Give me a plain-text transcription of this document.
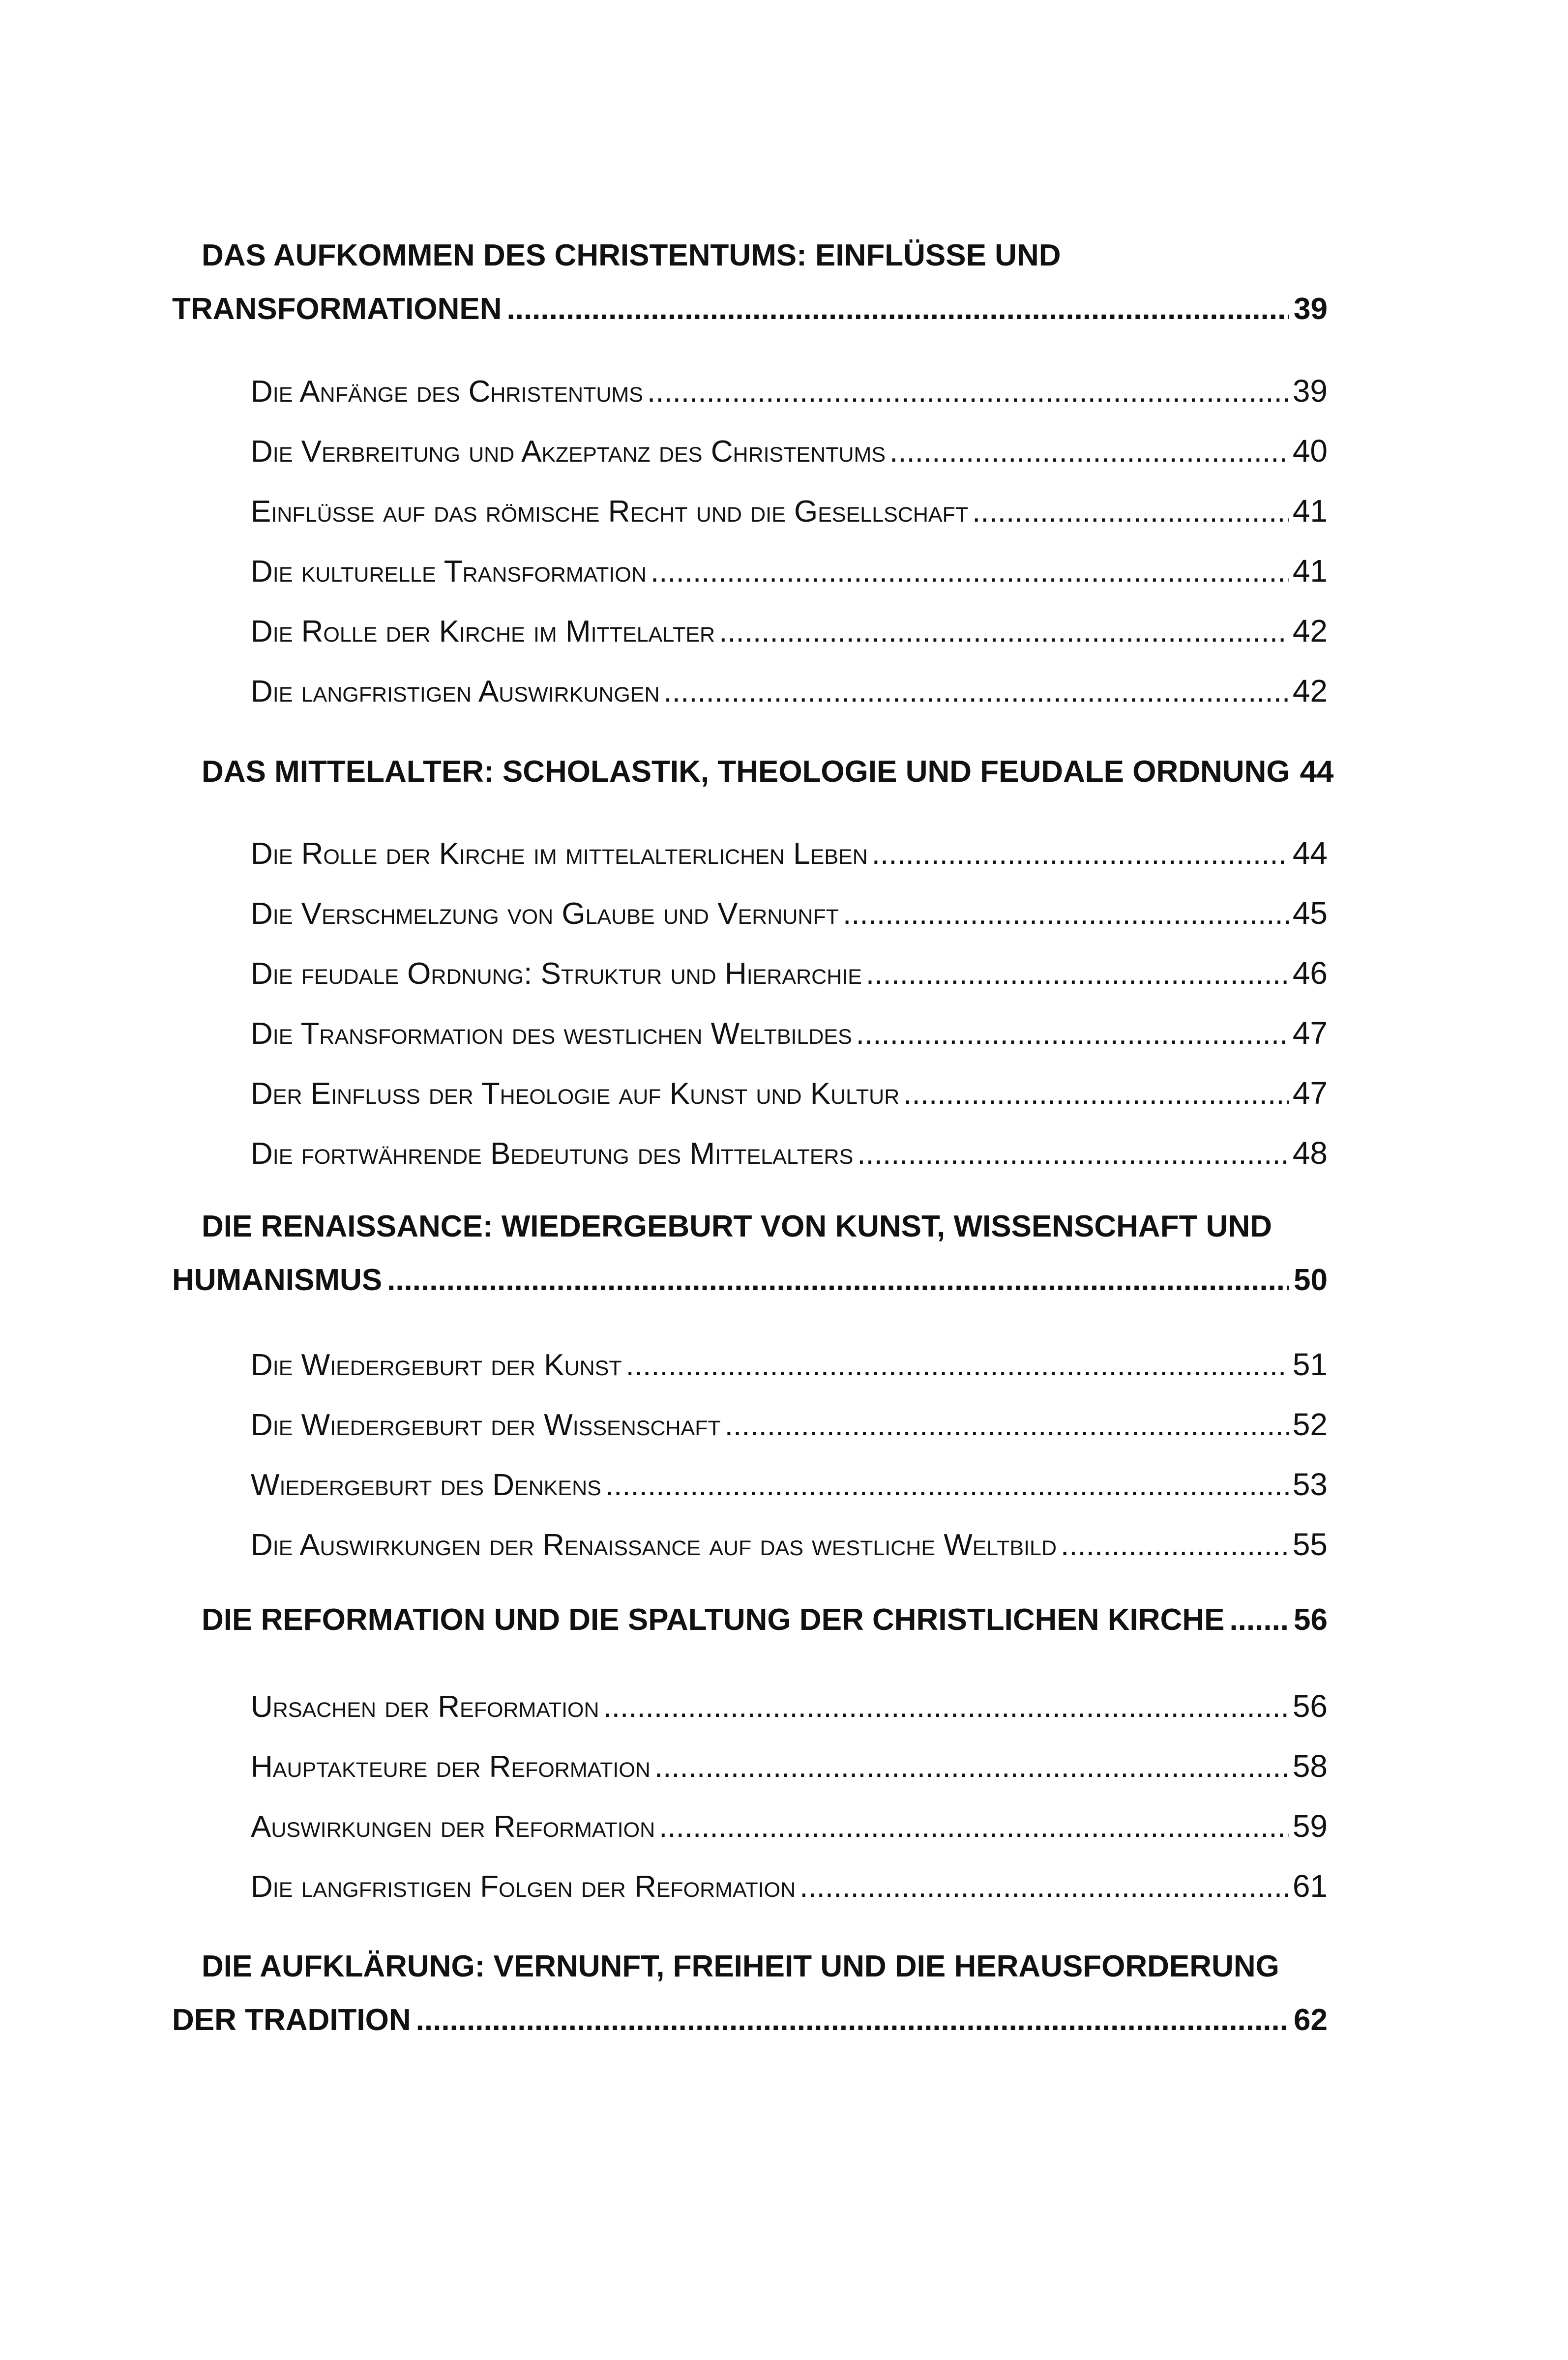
DAS AUFKOMMEN DES CHRISTENTUMS: EINFLÜSSE UND
TRANSFORMATIONEN .....	39
Die Anfänge des Christentums .....	39
Die Verbreitung und Akzeptanz des Christentums .....	40
Einflüsse auf das römische Recht und die Gesellschaft .....	41
Die kulturelle Transformation .....	41
Die Rolle der Kirche im Mittelalter .....	42
Die langfristigen Auswirkungen .....	42
DAS MITTELALTER: SCHOLASTIK, THEOLOGIE UND FEUDALE ORDNUNG 44
Die Rolle der Kirche im mittelalterlichen Leben .....	44
Die Verschmelzung von Glaube und Vernunft .....	45
Die feudale Ordnung: Struktur und Hierarchie .....	46
Die Transformation des westlichen Weltbildes .....	47
Der Einfluss der Theologie auf Kunst und Kultur .....	47
Die fortwährende Bedeutung des Mittelalters .....	48
DIE RENAISSANCE: WIEDERGEBURT VON KUNST, WISSENSCHAFT UND
HUMANISMUS .....	50
Die Wiedergeburt der Kunst .....	51
Die Wiedergeburt der Wissenschaft .....	52
Wiedergeburt des Denkens .....	53
Die Auswirkungen der Renaissance auf das westliche Weltbild .....	55
DIE REFORMATION UND DIE SPALTUNG DER CHRISTLICHEN KIRCHE ..... 56
Ursachen der Reformation .....	56
Hauptakteure der Reformation .....	58
Auswirkungen der Reformation .....	59
Die langfristigen Folgen der Reformation .....	61
DIE AUFKLÄRUNG: VERNUNFT, FREIHEIT UND DIE HERAUSFORDERUNG
DER TRADITION .....	62
